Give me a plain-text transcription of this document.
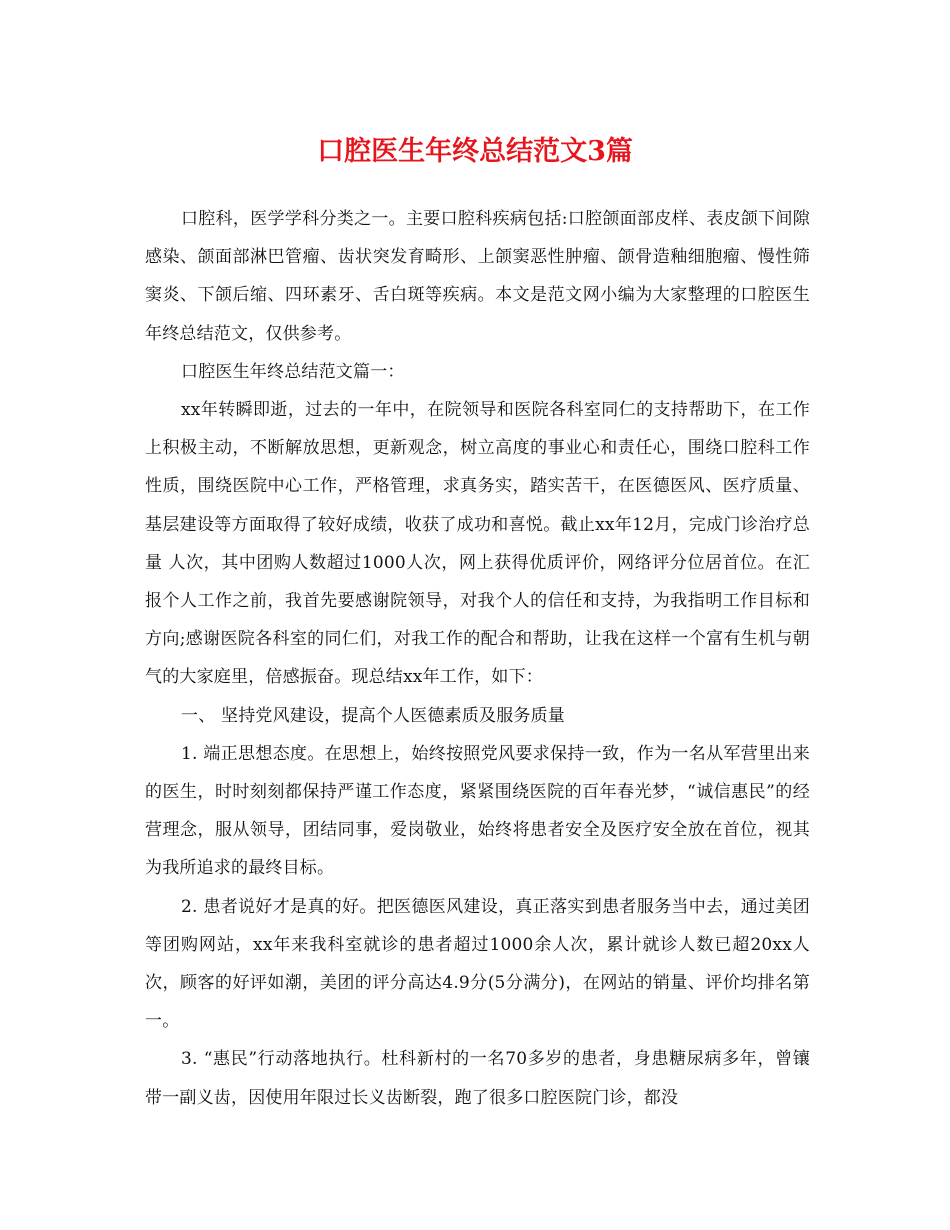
口腔医生年终总结范文3篇

口腔科，医学学科分类之一。主要口腔科疾病包括:口腔颌面部皮样、表皮颌下间隙感染、颌面部淋巴管瘤、齿状突发育畸形、上颌窦恶性肿瘤、颌骨造釉细胞瘤、慢性筛窦炎、下颌后缩、四环素牙、舌白斑等疾病。本文是范文网小编为大家整理的口腔医生年终总结范文，仅供参考。

口腔医生年终总结范文篇一：

xx年转瞬即逝，过去的一年中，在院领导和医院各科室同仁的支持帮助下，在工作上积极主动，不断解放思想，更新观念，树立高度的事业心和责任心，围绕口腔科工作性质，围绕医院中心工作，严格管理，求真务实，踏实苦干，在医德医风、医疗质量、基层建设等方面取得了较好成绩，收获了成功和喜悦。截止xx年12月，完成门诊治疗总量 人次，其中团购人数超过1000人次，网上获得优质评价，网络评分位居首位。在汇报个人工作之前，我首先要感谢院领导，对我个人的信任和支持，为我指明工作目标和方向;感谢医院各科室的同仁们，对我工作的配合和帮助，让我在这样一个富有生机与朝气的大家庭里，倍感振奋。现总结xx年工作，如下：

一、 坚持党风建设，提高个人医德素质及服务质量

1. 端正思想态度。在思想上，始终按照党风要求保持一致，作为一名从军营里出来的医生，时时刻刻都保持严谨工作态度，紧紧围绕医院的百年春光梦，“诚信惠民”的经营理念，服从领导，团结同事，爱岗敬业，始终将患者安全及医疗安全放在首位，视其为我所追求的最终目标。

2. 患者说好才是真的好。把医德医风建设，真正落实到患者服务当中去，通过美团等团购网站，xx年来我科室就诊的患者超过1000余人次，累计就诊人数已超20xx人次，顾客的好评如潮，美团的评分高达4.9分(5分满分)，在网站的销量、评价均排名第一。

3. “惠民”行动落地执行。杜科新村的一名70多岁的患者，身患糖尿病多年，曾镶带一副义齿，因使用年限过长义齿断裂，跑了很多口腔医院门诊，都没
